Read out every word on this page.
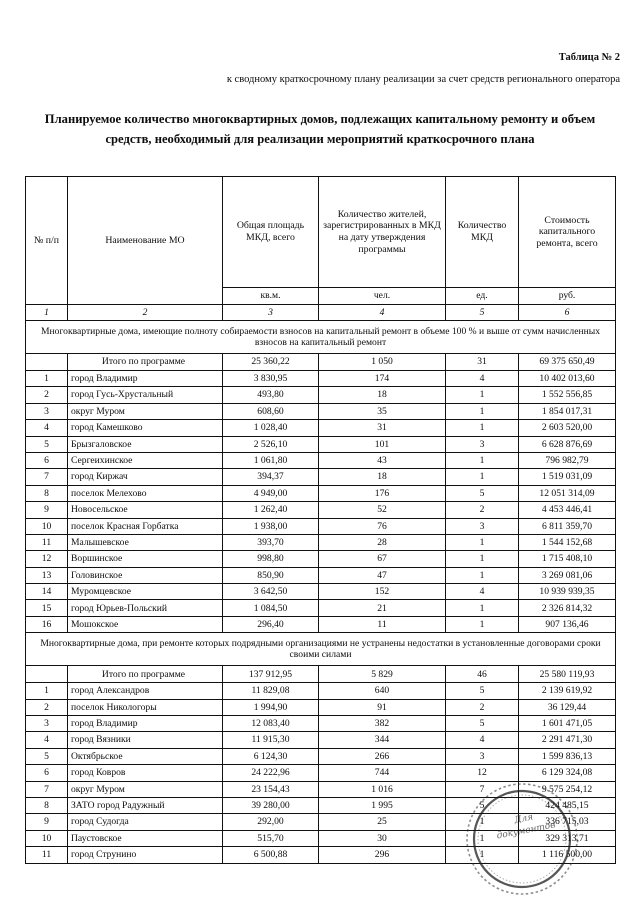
Таблица № 2
к сводному краткосрочному плану реализации за счет средств регионального оператора
Планируемое количество многоквартирных домов, подлежащих капитальному ремонту и объем средств, необходимый для реализации мероприятий краткосрочного плана
№ п/п	Наименование МО	Общая площадь МКД, всего	Количество жителей, зарегистрированных в МКД на дату утверждения программы	Количество МКД	Стоимость капитального ремонта, всего
		кв.м.	чел.	ед.	руб.
1	2	3	4	5	6
Многоквартирные дома, имеющие полноту собираемости взносов на капитальный ремонт в объеме 100 % и выше от сумм начисленных взносов на капитальный ремонт					
	Итого по программе	25 360,22	1 050	31	69 375 650,49
1	город Владимир	3 830,95	174	4	10 402 013,60
2	город Гусь-Хрустальный	493,80	18	1	1 552 556,85
3	округ Муром	608,60	35	1	1 854 017,31
4	город Камешково	1 028,40	31	1	2 603 520,00
5	Брызгаловское	2 526,10	101	3	6 628 876,69
6	Сергеихинское	1 061,80	43	1	796 982,79
7	город Киржач	394,37	18	1	1 519 031,09
8	поселок Мелехово	4 949,00	176	5	12 051 314,09
9	Новосельское	1 262,40	52	2	4 453 446,41
10	поселок Красная Горбатка	1 938,00	76	3	6 811 359,70
11	Малышевское	393,70	28	1	1 544 152,68
12	Воршинское	998,80	67	1	1 715 408,10
13	Головинское	850,90	47	1	3 269 081,06
14	Муромцевское	3 642,50	152	4	10 939 939,35
15	город Юрьев-Польский	1 084,50	21	1	2 326 814,32
16	Мошокское	296,40	11	1	907 136,46
Многоквартирные дома, при ремонте которых подрядными организациями не устранены недостатки в установленные договорами сроки своими силами					
	Итого по программе	137 912,95	5 829	46	25 580 119,93
1	город Александров	11 829,08	640	5	2 139 619,92
2	поселок Никологоры	1 994,90	91	2	36 129,44
3	город Владимир	12 083,40	382	5	1 601 471,05
4	город Вязники	11 915,30	344	4	2 291 471,30
5	Октябрьское	6 124,30	266	3	1 599 836,13
6	город Ковров	24 222,96	744	12	6 129 324,08
7	округ Муром	23 154,43	1 016	7	9 575 254,12
8	ЗАТО город Радужный	39 280,00	1 995	5	424 485,15
9	город Судогда	292,00	25	1	336 715,03
10	Паустовское	515,70	30	1	329 313,71
11	город Струнино	6 500,88	296	1	1 116 500,00
Для документов
